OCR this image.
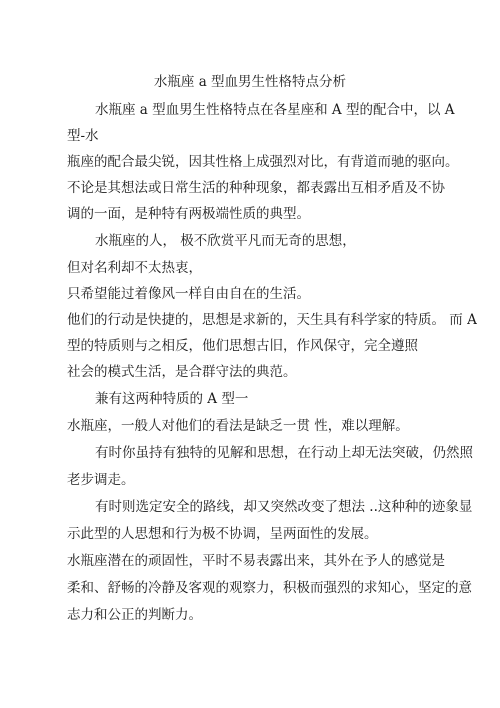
水瓶座 a 型血男生性格特点分析
水瓶座 a 型血男生性格特点在各星座和 A 型的配合中，以 A
型-水
瓶座的配合最尖锐，因其性格上成强烈对比，有背道而驰的驱向。
不论是其想法或日常生活的种种现象，都表露出互相矛盾及不协
调的一面，是种特有两极端性质的典型。
水瓶座的人， 极不欣赏平凡而无奇的思想，
但对名利却不太热衷，
只希望能过着像风一样自由自在的生活。
他们的行动是快捷的，思想是求新的，天生具有科学家的特质。 而 A
型的特质则与之相反，他们思想古旧，作风保守，完全遵照
社会的模式生活，是合群守法的典范。
兼有这两种特质的 A 型一
水瓶座，一般人对他们的看法是缺乏一贯 性，难以理解。
有时你虽持有独特的见解和思想，在行动上却无法突破，仍然照
老步调走。
有时则选定安全的路线，却又突然改变了想法 ..这种种的迹象显
示此型的人思想和行为极不协调，呈两面性的发展。
水瓶座潜在的顽固性，平时不易表露出来，其外在予人的感觉是
柔和、舒畅的冷静及客观的观察力，积极而强烈的求知心，坚定的意
志力和公正的判断力。
